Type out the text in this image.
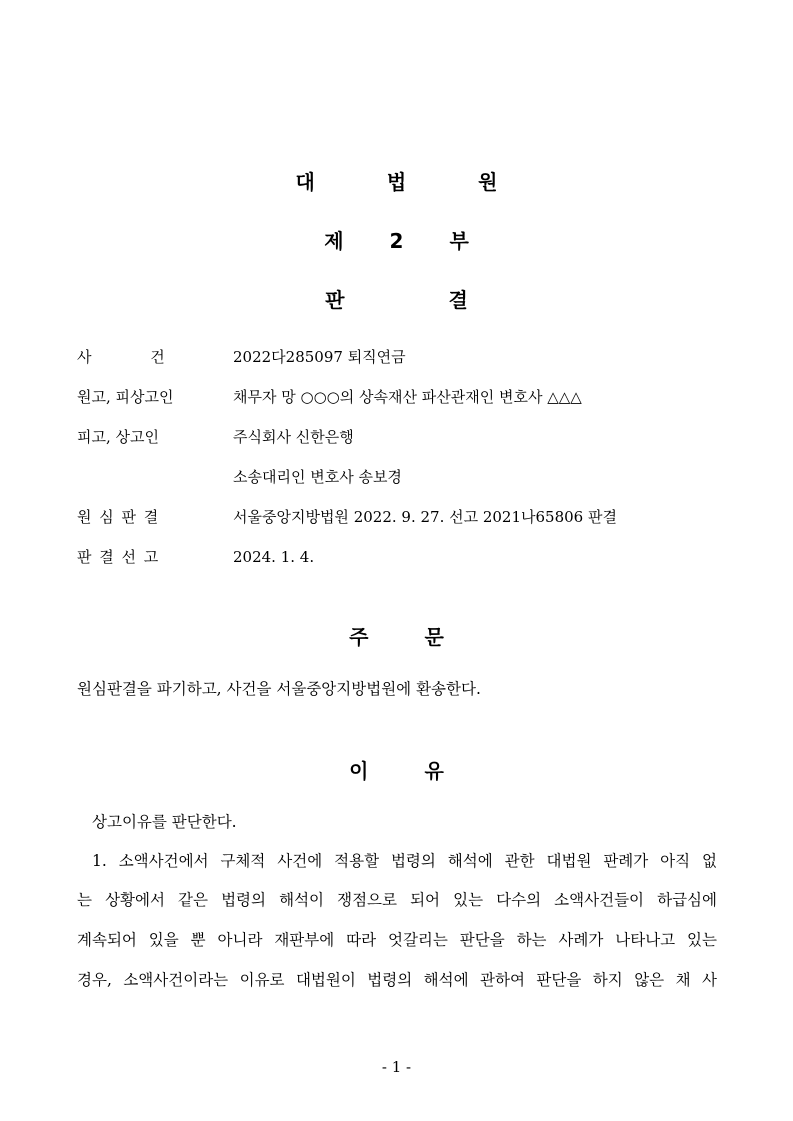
대	법	원
제 2 부
판	결
사 건	2022다285097 퇴직연금
원고, 피상고인	채무자 망 ○○○의 상속재산 파산관재인 변호사 △△△
피고, 상고인	주식회사 신한은행
소송대리인 변호사 송보경
원 심 판 결	서울중앙지방법원 2022. 9. 27. 선고 2021나65806 판결
판 결 선 고	2024. 1. 4.
주	문
원심판결을 파기하고, 사건을 서울중앙지방법원에 환송한다.
이	유
상고이유를 판단한다.
1. 소액사건에서 구체적 사건에 적용할 법령의 해석에 관한 대법원 판례가 아직 없
는 상황에서 같은 법령의 해석이 쟁점으로 되어 있는 다수의 소액사건들이 하급심에
계속되어 있을 뿐 아니라 재판부에 따라 엇갈리는 판단을 하는 사례가 나타나고 있는
경우, 소액사건이라는 이유로 대법원이 법령의 해석에 관하여 판단을 하지 않은 채 사
- 1 -
